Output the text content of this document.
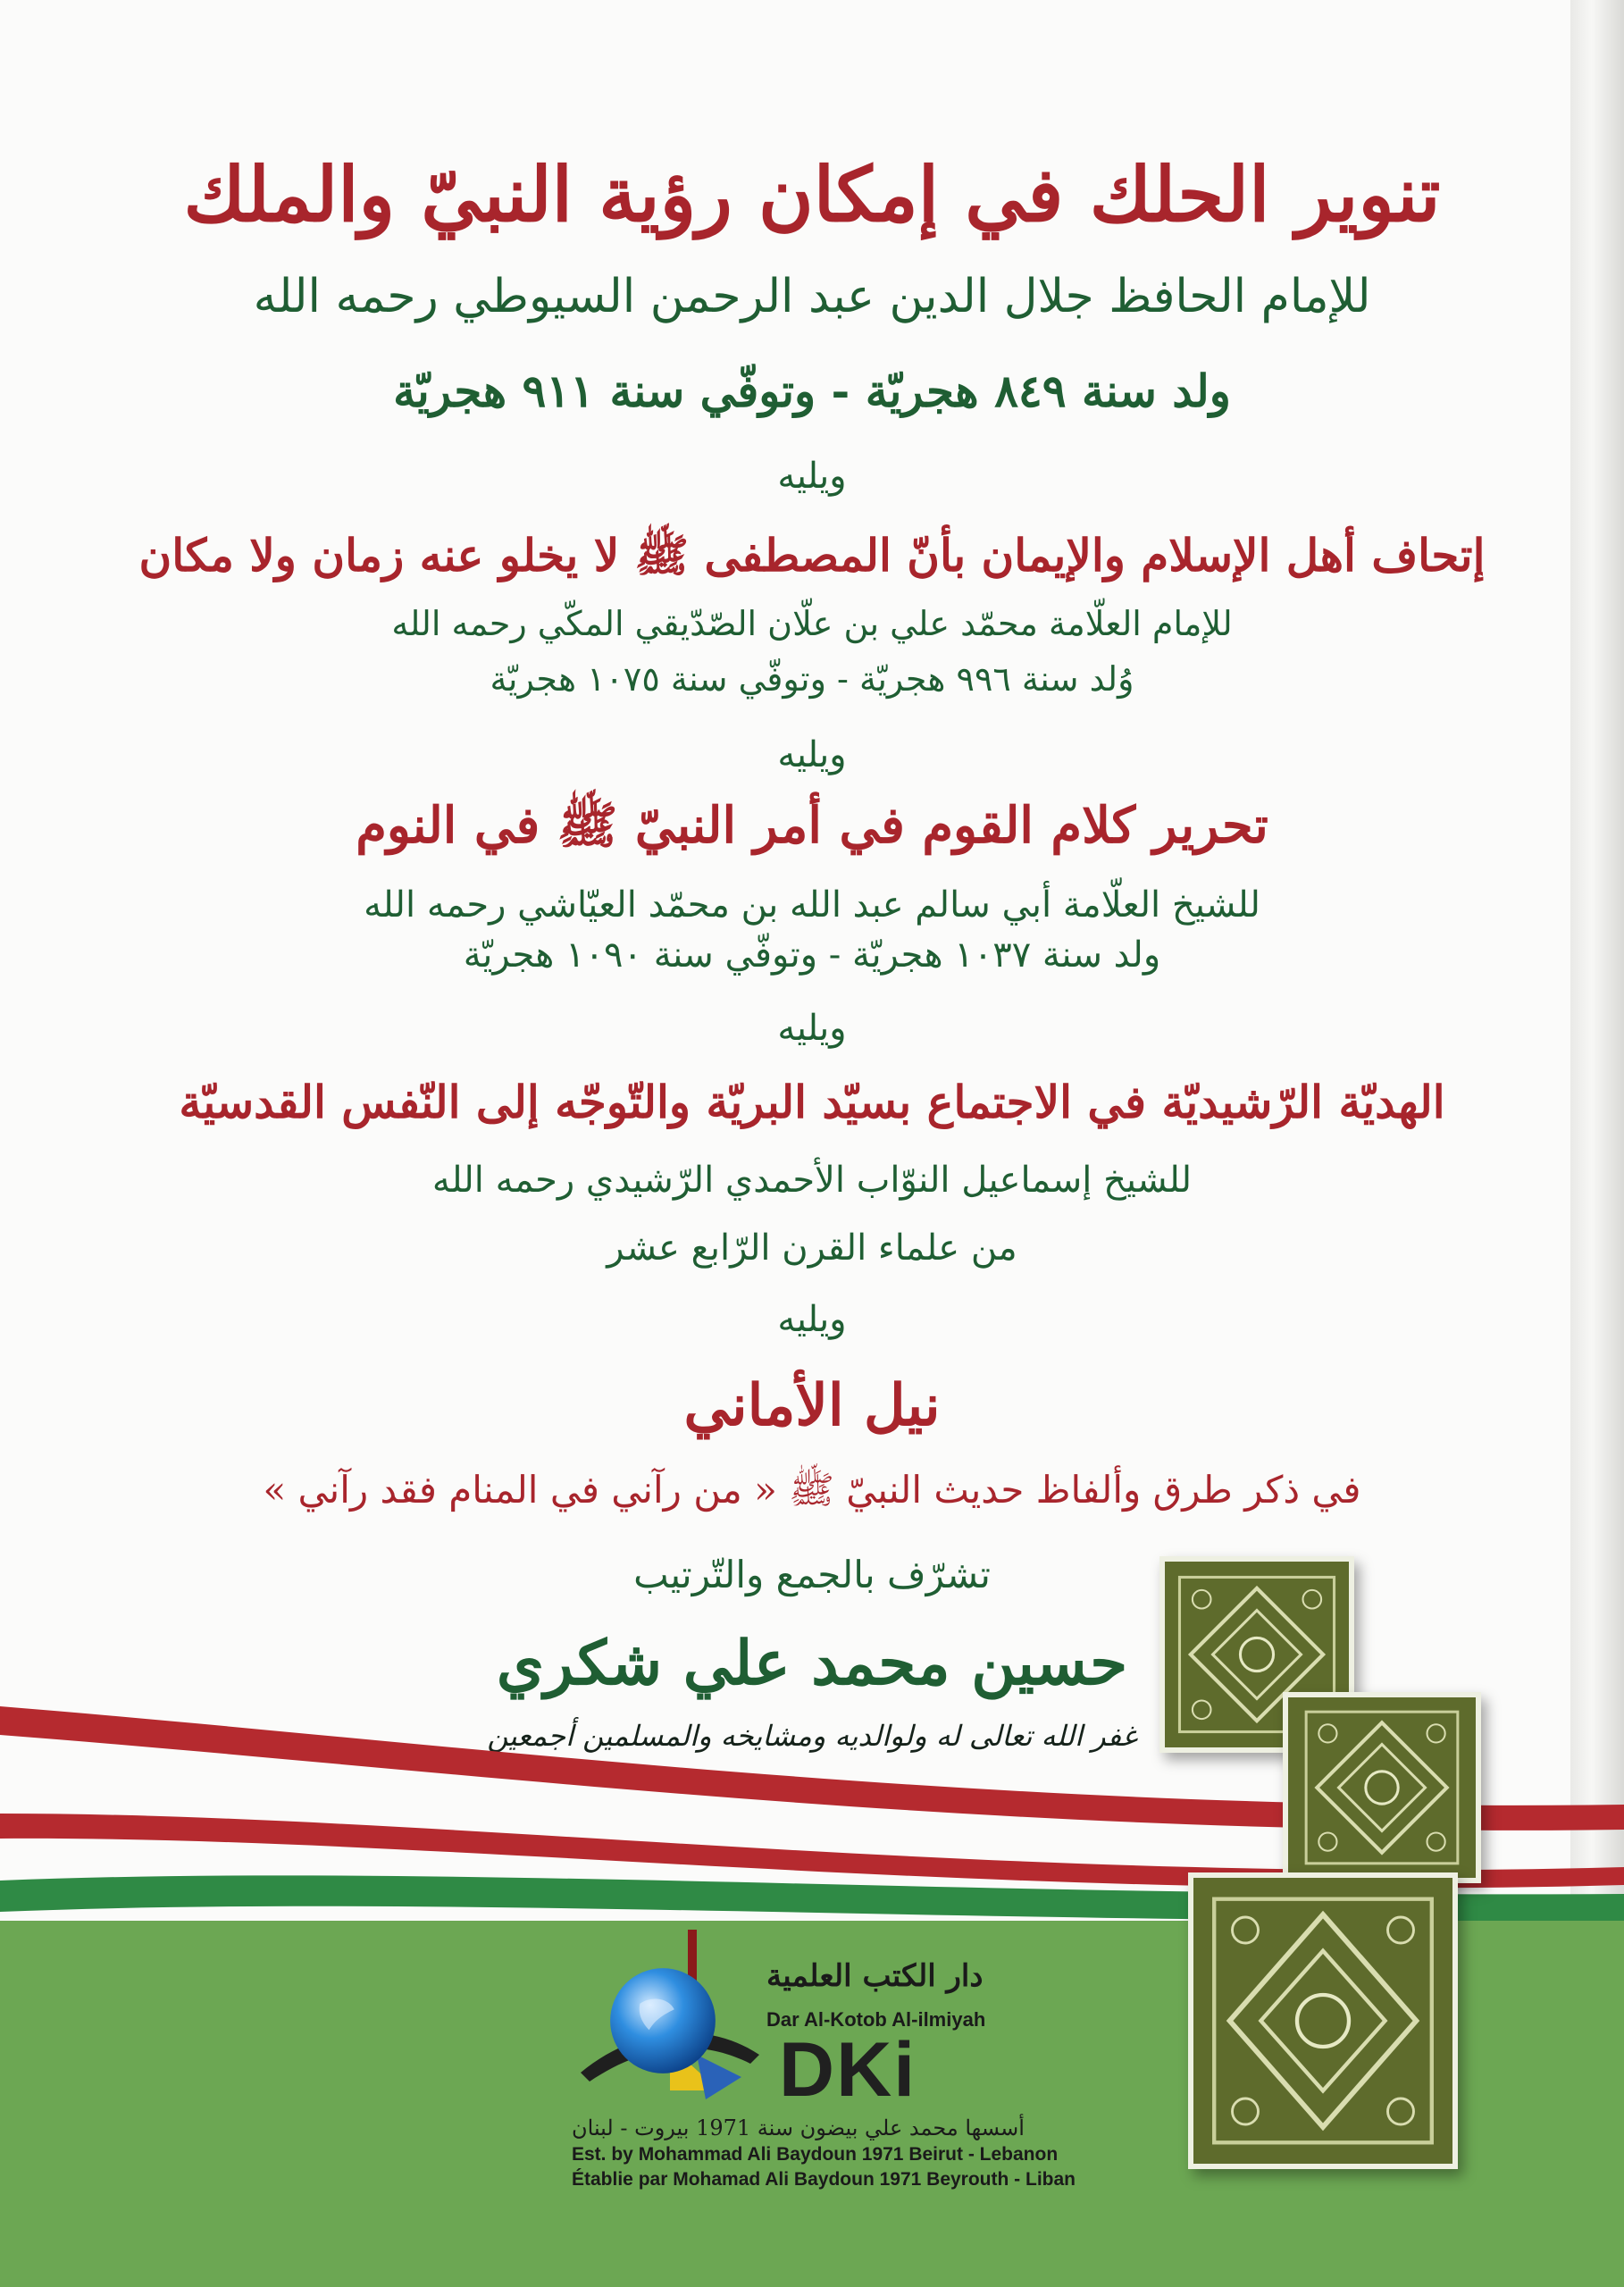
تنوير الحلك في إمكان رؤية النبيّ والملك
للإمام الحافظ جلال الدين عبد الرحمن السيوطي رحمه الله
ولد سنة ٨٤٩ هجريّة - وتوفّي سنة ٩١١ هجريّة
ويليه
إتحاف أهل الإسلام والإيمان بأنّ المصطفى ﷺ لا يخلو عنه زمان ولا مكان
للإمام العلّامة محمّد علي بن علّان الصّدّيقي المكّي رحمه الله
وُلد سنة ٩٩٦ هجريّة - وتوفّي سنة ١٠٧٥ هجريّة
ويليه
تحرير كلام القوم في أمر النبيّ ﷺ في النوم
للشيخ العلّامة أبي سالم عبد الله بن محمّد العيّاشي رحمه الله
ولد سنة ١٠٣٧ هجريّة - وتوفّي سنة ١٠٩٠ هجريّة
ويليه
الهديّة الرّشيديّة في الاجتماع بسيّد البريّة والتّوجّه إلى النّفس القدسيّة
للشيخ إسماعيل النوّاب الأحمدي الرّشيدي رحمه الله
من علماء القرن الرّابع عشر
ويليه
نيل الأماني
في ذكر طرق وألفاظ حديث النبيّ ﷺ « من رآني في المنام فقد رآني »
تشرّف بالجمع والتّرتيب
حسين محمد علي شكري
غفر الله تعالى له ولوالديه ومشايخه والمسلمين أجمعين
دار الكتب العلمية
Dar Al-Kotob Al-ilmiyah
DKi
أسسها محمد علي بيضون سنة 1971 بيروت - لبنان
Est. by Mohammad Ali Baydoun 1971 Beirut - Lebanon
Établie par Mohamad Ali Baydoun 1971 Beyrouth - Liban
